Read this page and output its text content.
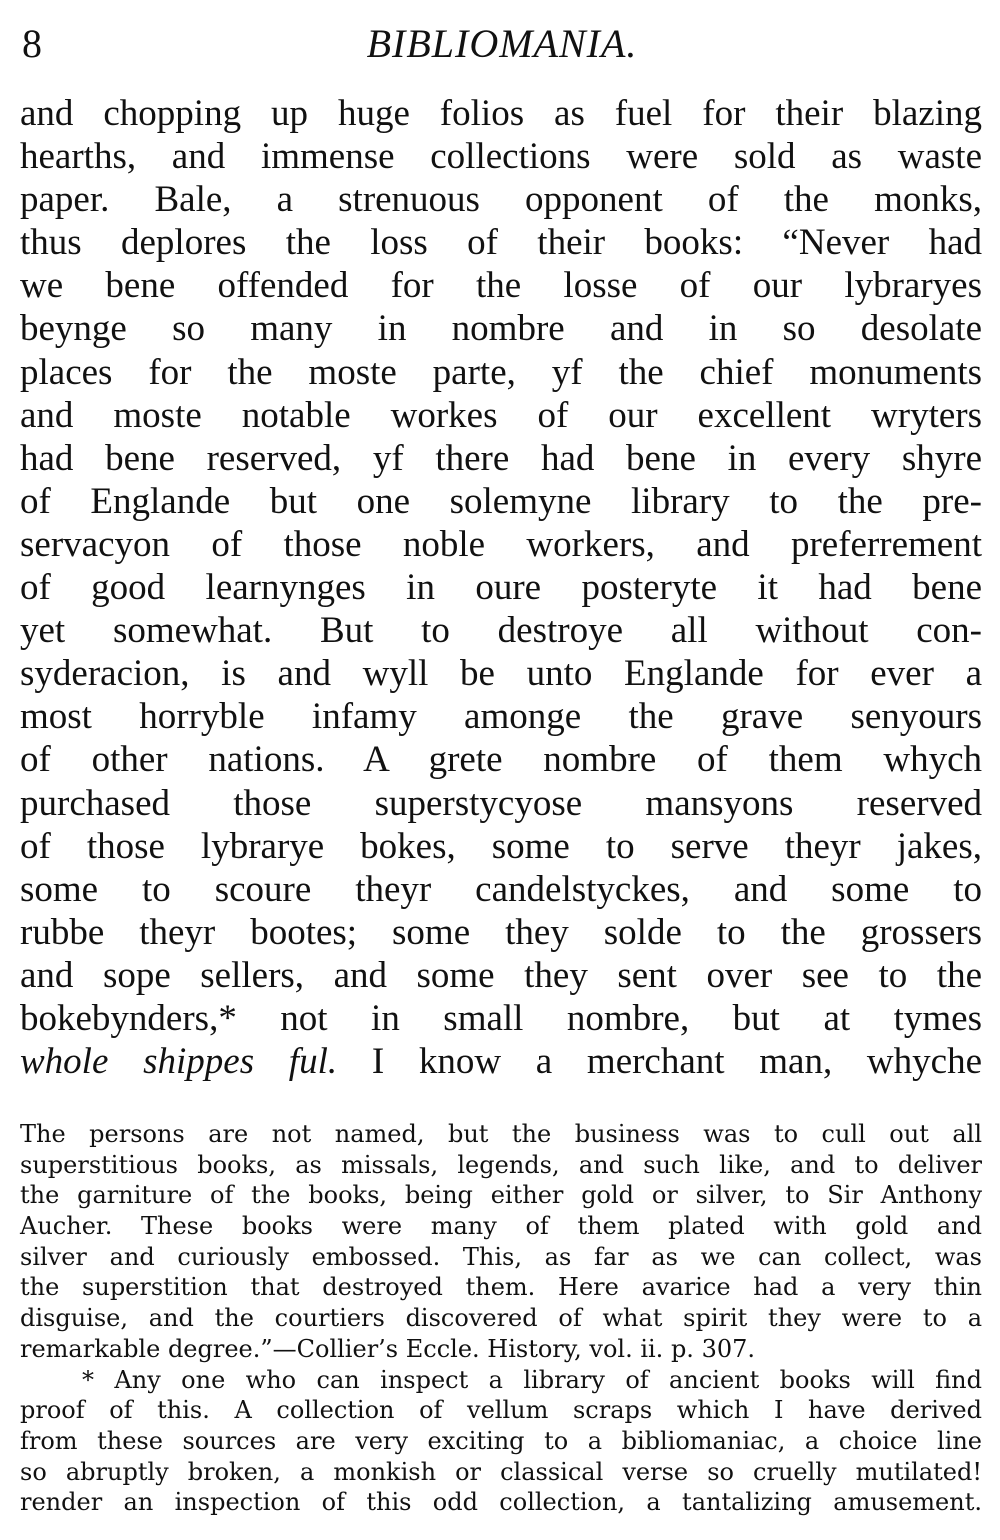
8	BIBLIOMANIA.
and chopping up huge folios as fuel for their blazing
hearths, and immense collections were sold as waste
paper. Bale, a strenuous opponent of the monks,
thus deplores the loss of their books: “Never had
we bene offended for the losse of our lybraryes
beynge so many in nombre and in so desolate
places for the moste parte, yf the chief monuments
and moste notable workes of our excellent wryters
had bene reserved, yf there had bene in every shyre
of Englande but one solemyne library to the pre-
servacyon of those noble workers, and preferrement
of good learnynges in oure posteryte it had bene
yet somewhat. But to destroye all without con-
syderacion, is and wyll be unto Englande for ever a
most horryble infamy amonge the grave senyours
of other nations. A grete nombre of them whych
purchased those superstycyose mansyons reserved
of those lybrarye bokes, some to serve theyr jakes,
some to scoure theyr candelstyckes, and some to
rubbe theyr bootes; some they solde to the grossers
and sope sellers, and some they sent over see to the
bokebynders,* not in small nombre, but at tymes
whole shippes ful. I know a merchant man, whyche
The persons are not named, but the business was to cull out all
superstitious books, as missals, legends, and such like, and to deliver
the garniture of the books, being either gold or silver, to Sir Anthony
Aucher. These books were many of them plated with gold and
silver and curiously embossed. This, as far as we can collect, was
the superstition that destroyed them. Here avarice had a very thin
disguise, and the courtiers discovered of what spirit they were to a
remarkable degree.”—Collier’s Eccle. History, vol. ii. p. 307.
* Any one who can inspect a library of ancient books will find
proof of this. A collection of vellum scraps which I have derived
from these sources are very exciting to a bibliomaniac, a choice line
so abruptly broken, a monkish or classical verse so cruelly mutilated!
render an inspection of this odd collection, a tantalizing amusement.
